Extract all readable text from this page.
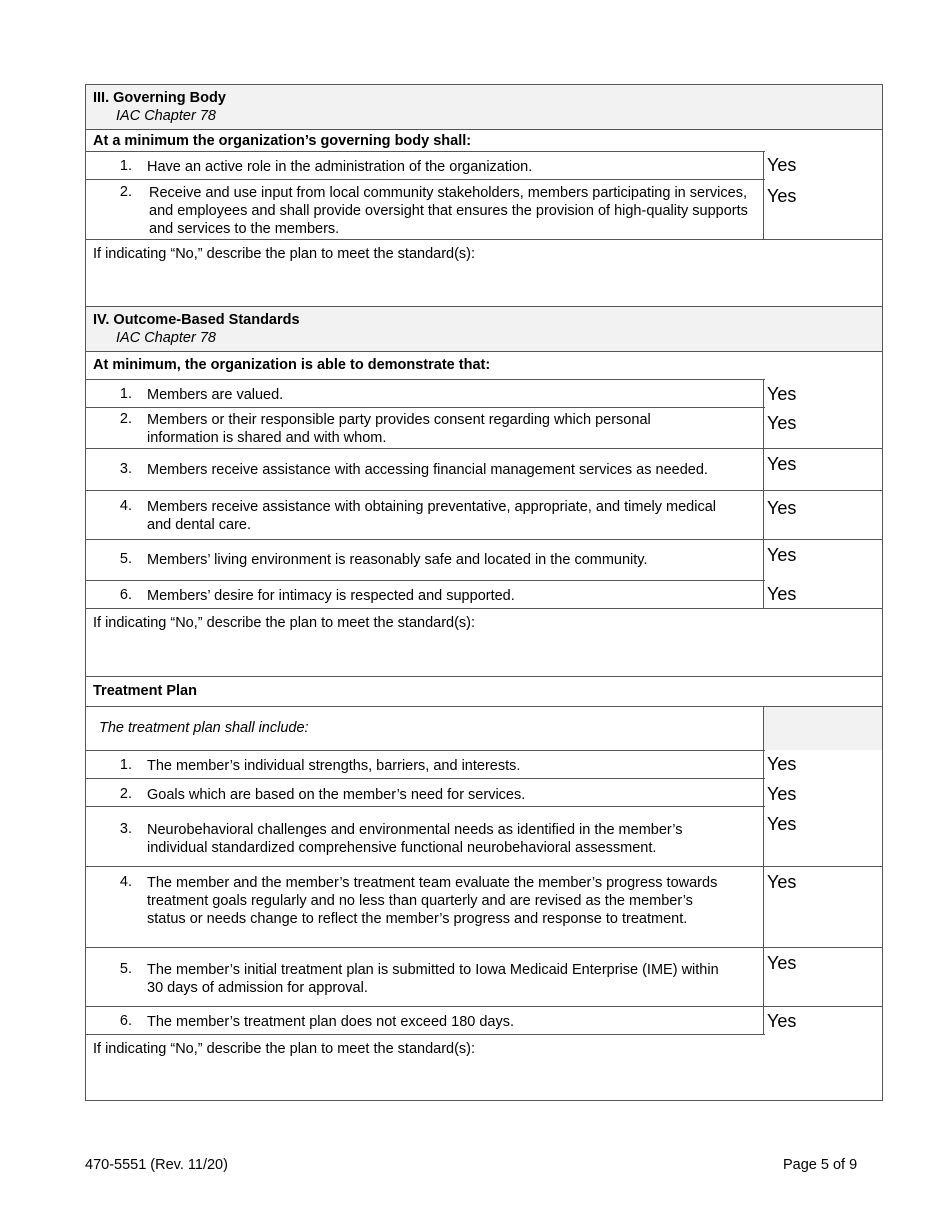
III. Governing Body
IAC Chapter 78
At a minimum the organization’s governing body shall:
1. Have an active role in the administration of the organization.	Yes
2. Receive and use input from local community stakeholders, members participating in services, and employees and shall provide oversight that ensures the provision of high-quality supports and services to the members.
Yes
If indicating “No,” describe the plan to meet the standard(s):
IV. Outcome-Based Standards
IAC Chapter 78
At minimum, the organization is able to demonstrate that:
1. Members are valued.	Yes
2. Members or their responsible party provides consent regarding which personal information is shared and with whom.
Yes
3. Members receive assistance with accessing financial management services as needed.	Yes
4. Members receive assistance with obtaining preventative, appropriate, and timely medical and dental care.
Yes
5. Members’ living environment is reasonably safe and located in the community.	Yes
6. Members’ desire for intimacy is respected and supported.	Yes
If indicating “No,” describe the plan to meet the standard(s):
Treatment Plan
The treatment plan shall include:
1. The member’s individual strengths, barriers, and interests.	Yes
2. Goals which are based on the member’s need for services.	Yes
3. Neurobehavioral challenges and environmental needs as identified in the member’s individual standardized comprehensive functional neurobehavioral assessment.
Yes
4. The member and the member’s treatment team evaluate the member’s progress towards treatment goals regularly and no less than quarterly and are revised as the member’s status or needs change to reflect the member’s progress and response to treatment.
Yes
5. The member’s initial treatment plan is submitted to Iowa Medicaid Enterprise (IME) within 30 days of admission for approval.
Yes
6. The member’s treatment plan does not exceed 180 days.	Yes
If indicating “No,” describe the plan to meet the standard(s):
470-5551 (Rev. 11/20)	Page 5 of 9
